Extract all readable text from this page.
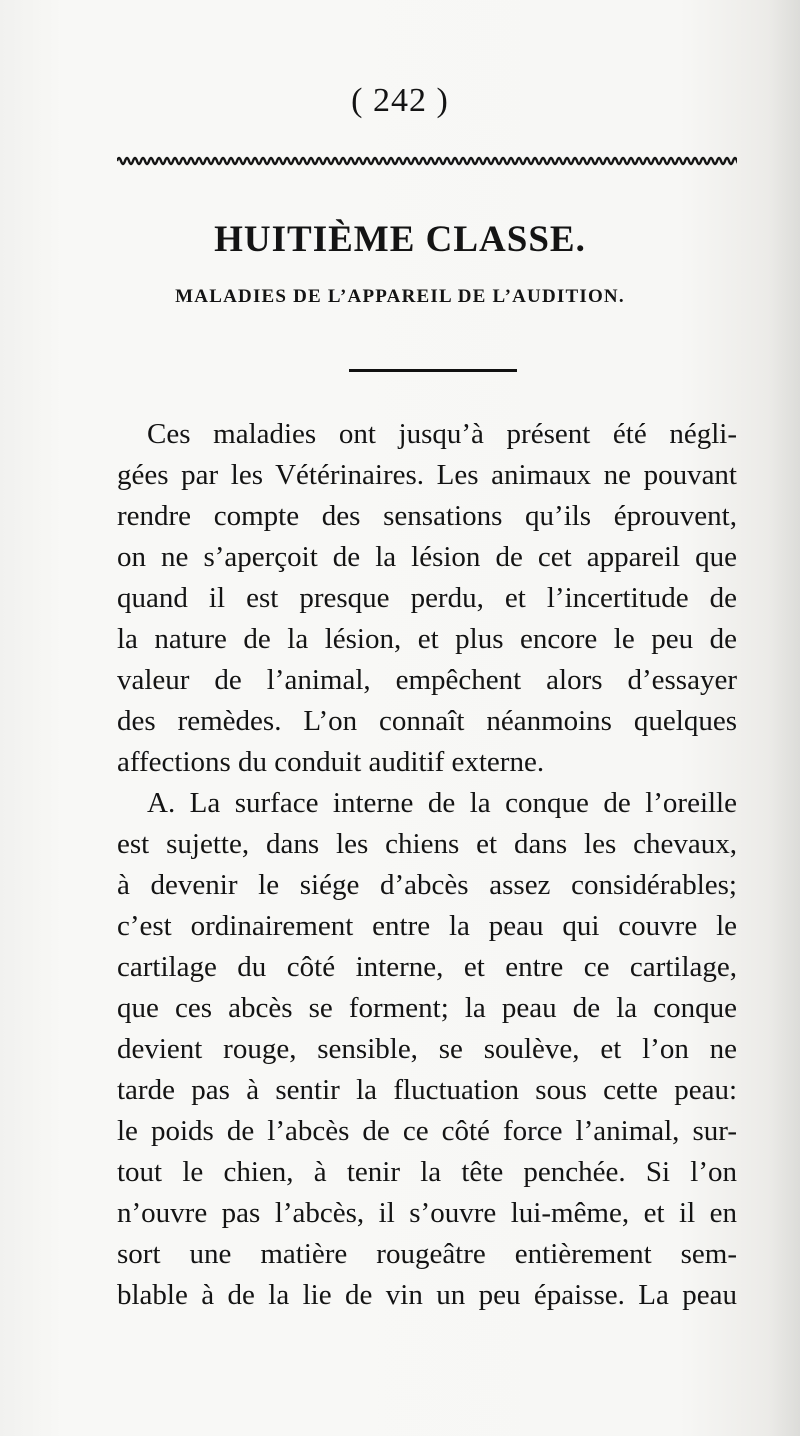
( 242 )
HUITIÈME CLASSE.
MALADIES DE L’APPAREIL DE L’AUDITION.
Ces maladies ont jusqu’à présent été négli-
gées par les Vétérinaires. Les animaux ne pouvant
rendre compte des sensations qu’ils éprouvent,
on ne s’aperçoit de la lésion de cet appareil que
quand il est presque perdu, et l’incertitude de
la nature de la lésion, et plus encore le peu de
valeur de l’animal, empêchent alors d’essayer
des remèdes. L’on connaît néanmoins quelques
affections du conduit auditif externe.
A. La surface interne de la conque de l’oreille
est sujette, dans les chiens et dans les chevaux,
à devenir le siége d’abcès assez considérables;
c’est ordinairement entre la peau qui couvre le
cartilage du côté interne, et entre ce cartilage,
que ces abcès se forment; la peau de la conque
devient rouge, sensible, se soulève, et l’on ne
tarde pas à sentir la fluctuation sous cette peau:
le poids de l’abcès de ce côté force l’animal, sur-
tout le chien, à tenir la tête penchée. Si l’on
n’ouvre pas l’abcès, il s’ouvre lui-même, et il en
sort une matière rougeâtre entièrement sem-
blable à de la lie de vin un peu épaisse. La peau
